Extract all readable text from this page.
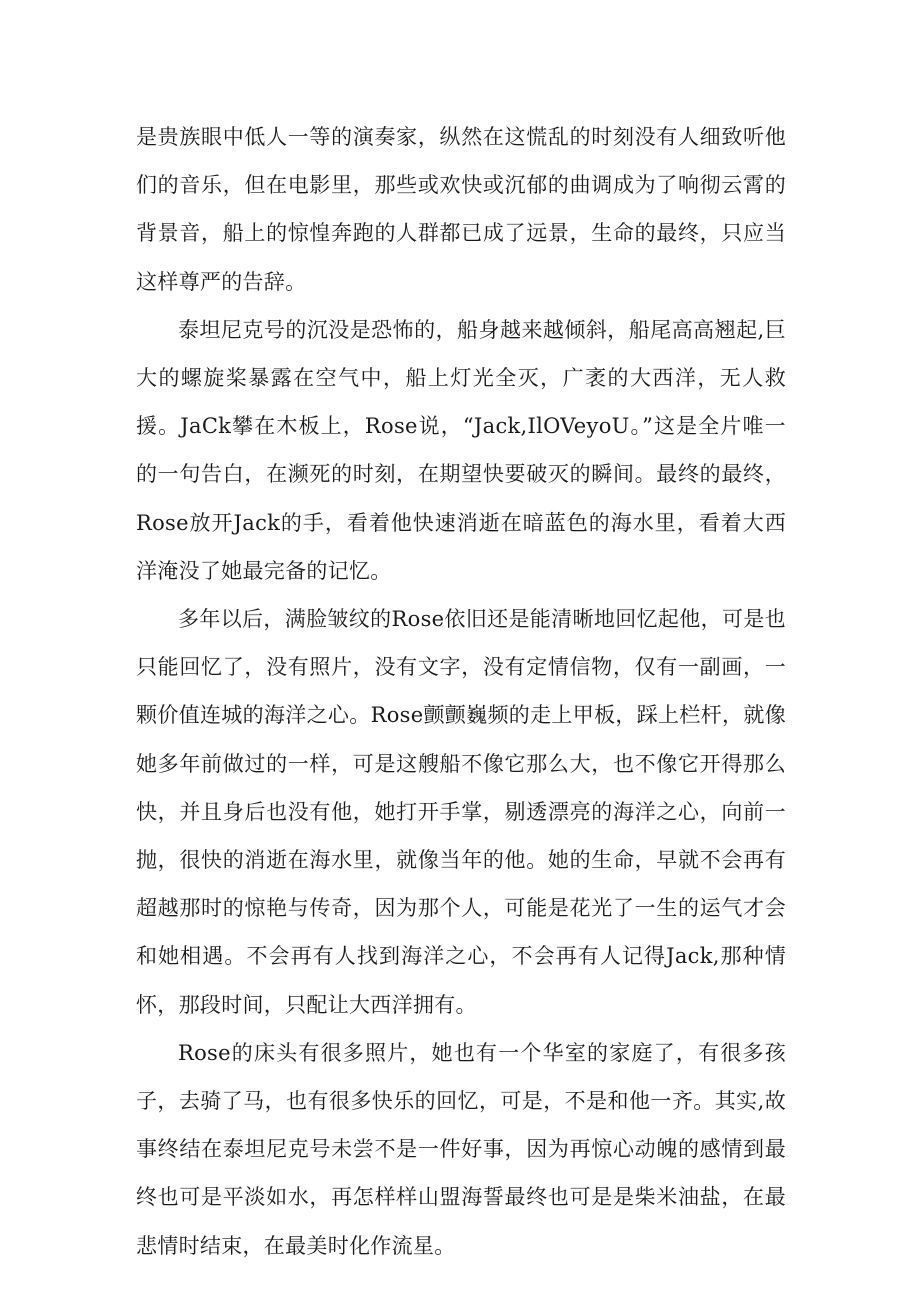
是贵族眼中低人一等的演奏家，纵然在这慌乱的时刻没有人细致听他们的音乐，但在电影里，那些或欢快或沉郁的曲调成为了响彻云霄的背景音，船上的惊惶奔跑的人群都已成了远景，生命的最终，只应当这样尊严的告辞。

泰坦尼克号的沉没是恐怖的，船身越来越倾斜，船尾高高翘起,巨大的螺旋桨暴露在空气中，船上灯光全灭，广袤的大西洋，无人救援。JaCk攀在木板上，Rose说，“Jack,IlOVeyoU。”这是全片唯一的一句告白，在濒死的时刻，在期望快要破灭的瞬间。最终的最终，Rose放开Jack的手，看着他快速消逝在暗蓝色的海水里，看着大西洋淹没了她最完备的记忆。

多年以后，满脸皱纹的Rose依旧还是能清晰地回忆起他，可是也只能回忆了，没有照片，没有文字，没有定情信物，仅有一副画，一颗价值连城的海洋之心。Rose颤颤巍频的走上甲板，踩上栏杆，就像她多年前做过的一样，可是这艘船不像它那么大，也不像它开得那么快，并且身后也没有他，她打开手掌，剔透漂亮的海洋之心，向前一抛，很快的消逝在海水里，就像当年的他。她的生命，早就不会再有超越那时的惊艳与传奇，因为那个人，可能是花光了一生的运气才会和她相遇。不会再有人找到海洋之心，不会再有人记得Jack,那种情怀，那段时间，只配让大西洋拥有。

Rose的床头有很多照片，她也有一个华室的家庭了，有很多孩子，去骑了马，也有很多快乐的回忆，可是，不是和他一齐。其实,故事终结在泰坦尼克号未尝不是一件好事，因为再惊心动魄的感情到最终也可是平淡如水，再怎样样山盟海誓最终也可是是柴米油盐，在最悲情时结束，在最美时化作流星。
